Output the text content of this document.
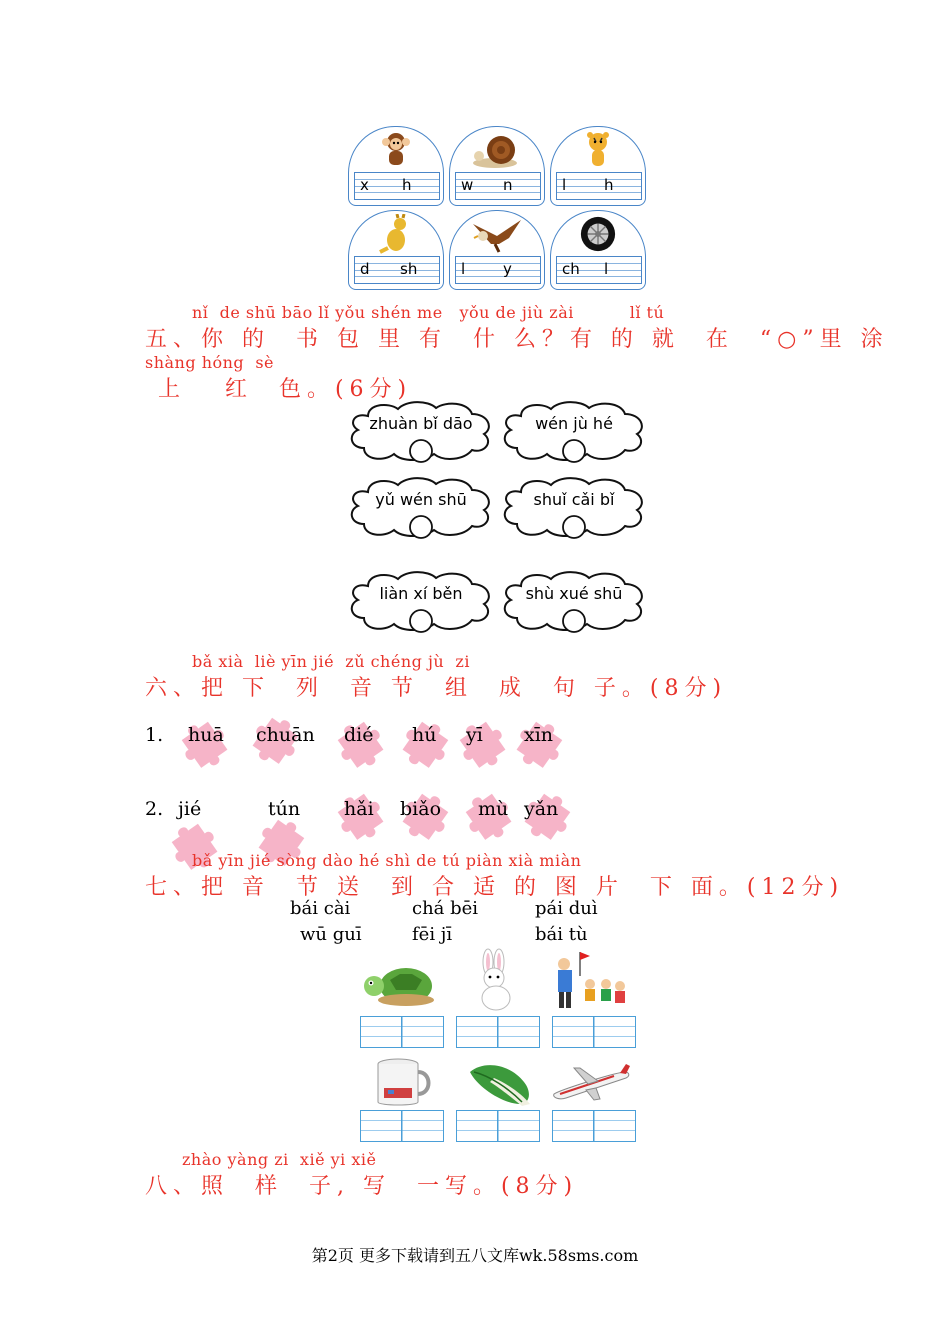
x h	w n	l	h
d sh	l	y	ch l
nǐ  de shū bāo lǐ yǒu shén me   yǒu de jiù zài          lǐ tú
五、你 的  书 包 里 有  什 么？有 的 就  在  “○”里 涂
shàng hóng  sè
上   红  色。(6分)
zhuàn bǐ dāo	wén jù hé
yǔ wén shū	shuǐ cǎi bǐ
liàn xí běn	shù xué shū
bǎ xià  liè yīn jié  zǔ chéng jù  zi
六、把 下  列  音 节  组  成  句 子。(8分)
1. huā chuān dié hú yī xīn
2. jié	tún hǎi biǎo mù yǎn
bǎ yīn jié sòng dào hé shì de tú piàn xià miàn
七、把 音  节 送  到 合 适 的 图 片  下 面。(12分)
bái cài	chá bēi	pái duì
wū guī	fēi jī	bái tù
zhào yàng zi  xiě yi xiě
八、照  样  子, 写  一写。(8分)
第2页 更多下载请到五八文库wk.58sms.com
